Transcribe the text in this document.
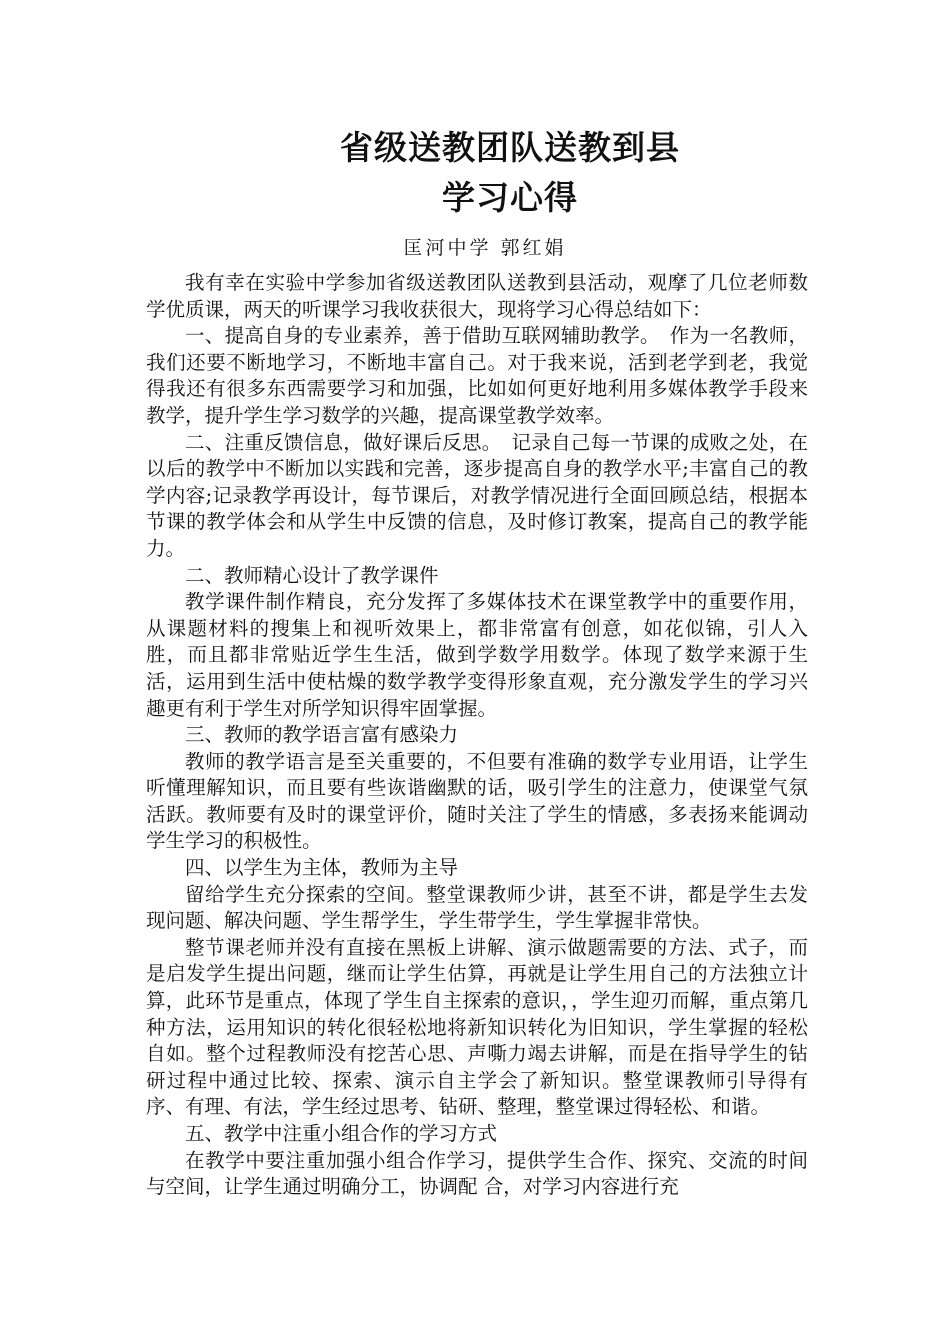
省级送教团队送教到县
学习心得
匡河中学 郭红娟

我有幸在实验中学参加省级送教团队送教到县活动，观摩了几位老师数学优质课，两天的听课学习我收获很大，现将学习心得总结如下：

一、提高自身的专业素养，善于借助互联网辅助教学。　作为一名教师，我们还要不断地学习，不断地丰富自己。对于我来说，活到老学到老，我觉得我还有很多东西需要学习和加强，比如如何更好地利用多媒体教学手段来教学，提升学生学习数学的兴趣，提高课堂教学效率。

二、注重反馈信息，做好课后反思。　记录自己每一节课的成败之处，在以后的教学中不断加以实践和完善，逐步提高自身的教学水平;丰富自己的教学内容;记录教学再设计，每节课后，对教学情况进行全面回顾总结，根据本节课的教学体会和从学生中反馈的信息，及时修订教案，提高自己的教学能力。

二、教师精心设计了教学课件

教学课件制作精良，充分发挥了多媒体技术在课堂教学中的重要作用，从课题材料的搜集上和视听效果上，都非常富有创意，如花似锦，引人入胜，而且都非常贴近学生生活，做到学数学用数学。体现了数学来源于生活，运用到生活中使枯燥的数学教学变得形象直观，充分激发学生的学习兴趣更有利于学生对所学知识得牢固掌握。

三、教师的教学语言富有感染力

教师的教学语言是至关重要的，不但要有准确的数学专业用语，让学生听懂理解知识，而且要有些诙谐幽默的话，吸引学生的注意力，使课堂气氛活跃。教师要有及时的课堂评价，随时关注了学生的情感，多表扬来能调动学生学习的积极性。

四、以学生为主体，教师为主导

留给学生充分探索的空间。整堂课教师少讲，甚至不讲，都是学生去发现问题、解决问题、学生帮学生，学生带学生，学生掌握非常快。

整节课老师并没有直接在黑板上讲解、演示做题需要的方法、式子，而是启发学生提出问题，继而让学生估算，再就是让学生用自己的方法独立计算，此环节是重点，体现了学生自主探索的意识，，学生迎刃而解，重点第几种方法，运用知识的转化很轻松地将新知识转化为旧知识，学生掌握的轻松自如。整个过程教师没有挖苦心思、声嘶力竭去讲解，而是在指导学生的钻研过程中通过比较、探索、演示自主学会了新知识。整堂课教师引导得有序、有理、有法，学生经过思考、钻研、整理，整堂课过得轻松、和谐。

五、教学中注重小组合作的学习方式

在教学中要注重加强小组合作学习，提供学生合作、探究、交流的时间与空间，让学生通过明确分工，协调配 合，对学习内容进行充
